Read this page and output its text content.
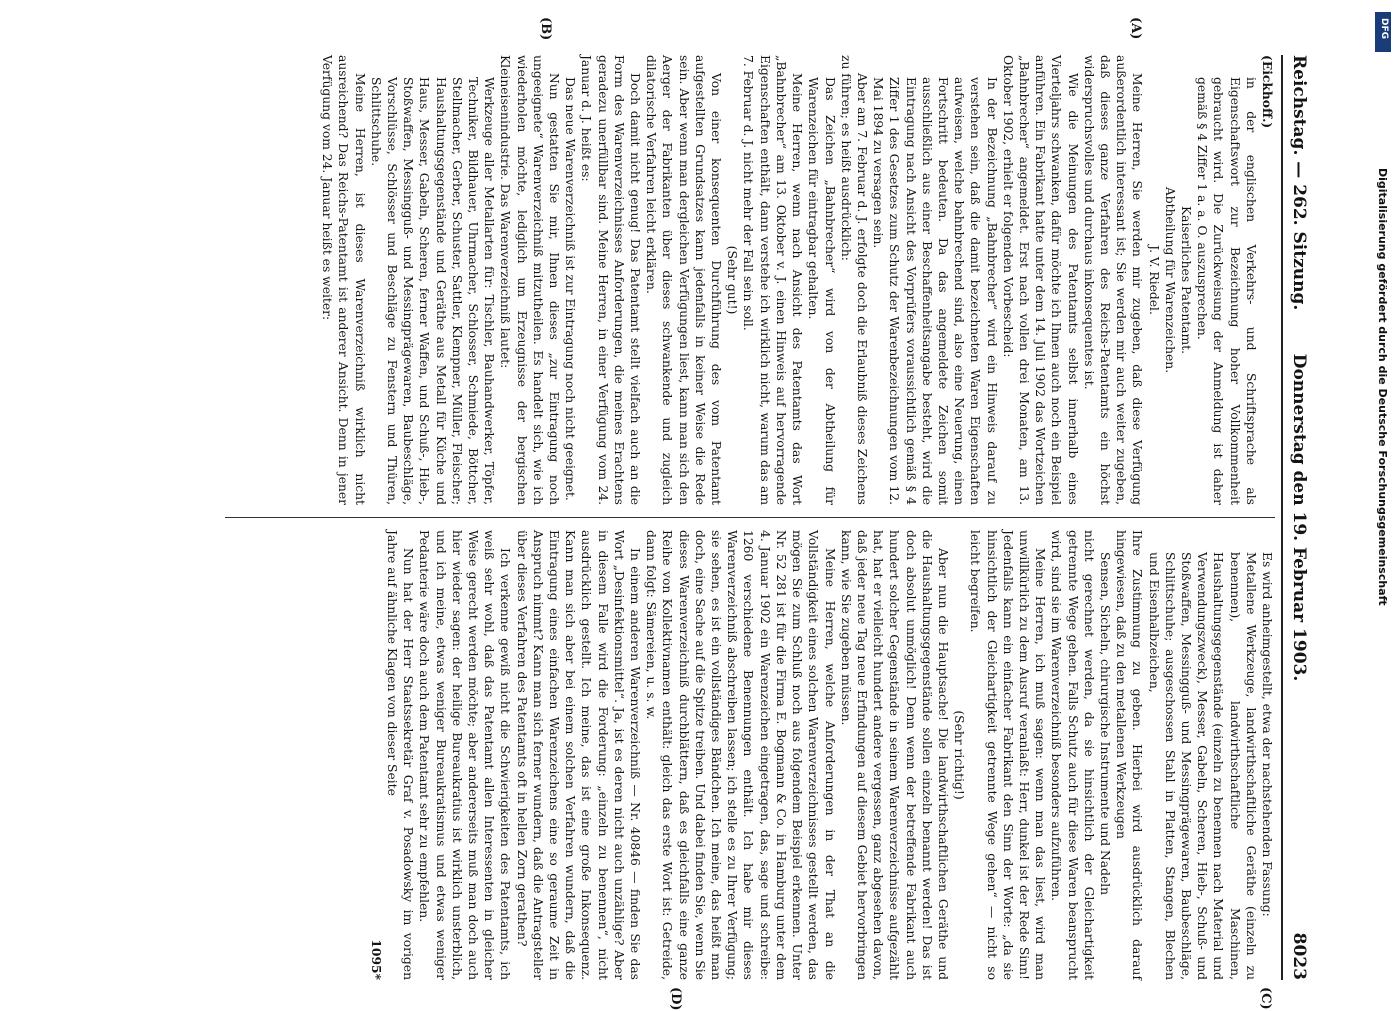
Reichstag. — 262. Sitzung.
Donnerstag den 19. Februar 1903.
8023
(A)
(B)
(C)
(D)

(Eickhoff.)

in der englischen Verkehrs- und Schriftsprache als Eigenschaftswort zur Bezeichnung hoher Vollkommenheit gebraucht wird. Die Zurückweisung der Anmeldung ist daher gemäß § 4 Ziffer 1 a. a. O. auszusprechen.

Kaiserliches Patentamt.

Abtheilung für Warenzeichen.

J. V. Riedel.

Meine Herren, Sie werden mir zugeben, daß diese Verfügung außerordentlich interessant ist; Sie werden mir auch weiter zugeben, daß dieses ganze Verfahren des Reichs-Patentamts ein höchst widerspruchsvolles und durchaus inkonsequentes ist.

Wie die Meinungen des Patentamts selbst innerhalb eines Vierteljahrs schwanken, dafür möchte ich Ihnen auch noch ein Beispiel anführen. Ein Fabrikant hatte unter dem 14. Juli 1902 das Wortzeichen „Bahnbrecher“ angemeldet. Erst nach vollen drei Monaten, am 13. Oktober 1902, erhielt er folgenden Vorbescheid:

In der Bezeichnung „Bahnbrecher“ wird ein Hinweis darauf zu verstehen sein, daß die damit bezeichneten Waren Eigenschaften aufweisen, welche bahnbrechend sind, also eine Neuerung, einen Fortschritt bedeuten. Da das angemeldete Zeichen somit ausschließlich aus einer Beschaffenheitsangabe besteht, wird die Eintragung nach Ansicht des Vorprüfers voraussichtlich gemäß § 4 Ziffer 1 des Gesetzes zum Schutz der Warenbezeichnungen vom 12. Mai 1894 zu versagen sein.

Aber am 7. Februar d. J. erfolgte doch die Erlaubniß dieses Zeichens zu führen; es heißt ausdrücklich:

Das Zeichen „Bahnbrecher“ wird von der Abtheilung für Warenzeichen für eintragbar gehalten.

Meine Herren, wenn nach Ansicht des Patentamts das Wort „Bahnbrecher“ am 13. Oktober v. J. einen Hinweis auf hervorragende Eigenschaften enthält, dann verstehe ich wirklich nicht, warum das am 7. Februar d. J. nicht mehr der Fall sein soll.

(Sehr gut!)

Von einer konsequenten Durchführung des vom Patentamt aufgestellten Grundsatzes kann jedenfalls in keiner Weise die Rede sein. Aber wenn man dergleichen Verfügungen liest, kann man sich den Aerger der Fabrikanten über dieses schwankende und zugleich dilatorische Verfahren leicht erklären.

Doch damit nicht genug! Das Patentamt stellt vielfach auch an die Form des Warenverzeichnisses Anforderungen, die meines Erachtens geradezu unerfüllbar sind. Meine Herren, in einer Verfügung vom 24. Januar d. J. heißt es:

Das neue Warenverzeichniß ist zur Eintragung noch nicht geeignet.

Nun gestatten Sie mir, Ihnen dieses „zur Eintragung noch ungeeignete“ Warenverzeichniß mitzutheilen. Es handelt sich, wie ich wiederholen möchte, lediglich um Erzeugnisse der bergischen Kleineisenindustrie. Das Warenverzeichniß lautet:

Werkzeuge aller Metallarten für: Tischler, Bauhandwerker, Töpfer, Techniker, Bildhauer, Uhrmacher, Schlosser, Schmiede, Böttcher, Stellmacher, Gerber, Schuster, Sattler, Klempner, Müller, Fleischer; Haushaltungsgegenstände und Geräthe aus Metall für Küche und Haus, Messer, Gabeln, Scheren, ferner Waffen, und Schuß-, Hieb-, Stoßwaffen, Messingguß- und Messingprägewaren, Baubeschläge, Vorschlüsse, Schlösser und Beschläge zu Fenstern und Thüren, Schlittschuhe.

Meine Herren, ist dieses Warenverzeichniß wirklich nicht ausreichend? Das Reichs-Patentamt ist anderer Ansicht. Denn in jener Verfügung vom 24. Januar heißt es weiter:

Es wird anheimgestellt, etwa der nachstehenden Fassung:

Metallene Werkzeuge, landwirthschaftliche Geräthe (einzeln zu benennen), landwirthschaftliche Maschinen, Haushaltungsgegenstände (einzeln zu benennen nach Material und Verwendungszweck), Messer, Gabeln, Scheren, Hieb-, Schuß- und Stoßwaffen, Messingguß- und Messingprägewaren, Baubeschläge, Schlittschuhe; ausgeschossen Stahl in Platten, Stangen, Blechen und Eisenhalbzeichen,

Ihre Zustimmung zu geben. Hierbei wird ausdrücklich darauf hingewiesen, daß zu den metallenen Werkzeugen

Sensen, Sicheln, chirurgische Instrumente und Nadeln

nicht gerechnet werden, da sie hinsichtlich der Gleichartigkeit getrennte Wege gehen. Falls Schutz auch für diese Waren beansprucht wird, sind sie im Warenverzeichniß besonders aufzuführen.

Meine Herren, ich muß sagen: wenn man das liest, wird man unwillkürlich zu dem Ausruf veranlaßt: Herr, dunkel ist der Rede Sinn! Jedenfalls kann ein einfacher Fabrikant den Sinn der Worte: „da sie hinsichtlich der Gleichartigkeit getrennte Wege gehen“ — nicht so leicht begreifen.

(Sehr richtig!)

Aber nun die Hauptsache! Die landwirthschaftlichen Geräthe und die Haushaltungsgegenstände sollen einzeln benannt werden! Das ist doch absolut unmöglich! Denn wenn der betreffende Fabrikant auch hundert solcher Gegenstände in seinem Warenverzeichnisse aufgezählt hat, hat er vielleicht hundert andere vergessen, ganz abgesehen davon, daß jeder neue Tag neue Erfindungen auf diesem Gebiet hervorbringen kann, wie Sie zugeben müssen.

Meine Herren, welche Anforderungen in der That an die Vollständigkeit eines solchen Warenverzeichnisses gestellt werden, das mögen Sie zum Schluß noch aus folgendem Beispiel erkennen. Unter Nr. 52 281 ist für die Firma E. Bogmann & Co. in Hamburg unter dem 4. Januar 1902 ein Warenzeichen eingetragen, das, sage und schreibe: 1260 verschiedene Benennungen enthält. Ich habe mir dieses Warenverzeichniß abschreiben lassen; ich stelle es zu Ihrer Verfügung; sie sehen, es ist ein vollständiges Bändchen. Ich meine, das heißt man doch, eine Sache auf die Spitze treiben. Und dabei finden Sie, wenn Sie dieses Warenverzeichniß durchblättern, daß es gleichfalls eine ganze Reihe von Kollektivnamen enthält: gleich das erste Wort ist: Getreide, dann folgt: Sämereien, u. s. w.

In einem anderen Warenverzeichniß — Nr. 40846 — finden Sie das Wort „Desinfektionsmittel“. Ja, ist es deren nicht auch unzählige? Aber in diesem Falle wird die Forderung: „einzeln zu benennen“, nicht ausdrücklich gestellt. Ich meine, das ist eine große Inkonsequenz. Kann man sich aber bei einem solchen Verfahren wundern, daß die Eintragung eines einfachen Warenzeichens eine so geraume Zeit in Anspruch nimmt? Kann man sich ferner wundern, daß die Antragsteller über dieses Verfahren des Patentamts oft in hellen Zorn gerathen?

Ich verkenne gewiß nicht die Schwierigkeiten des Patentamts, ich weiß sehr wohl, daß das Patentamt allen Interessenten in gleicher Weise gerecht werden möchte; aber andererseits muß man doch auch hier wieder sagen: der heilige Bureaukratius ist wirklich unsterblich, und ich meine, etwas weniger Bureaukratismus und etwas weniger Pedanterie wäre doch auch dem Patentamt sehr zu empfehlen.

Nun hat der Herr Staatssekretär Graf v. Posadowsky im vorigen Jahre auf ähnliche Klagen von dieser Seite

1095*

DFG
Digitalisierung gefördert durch die Deutsche Forschungsgemeinschaft
